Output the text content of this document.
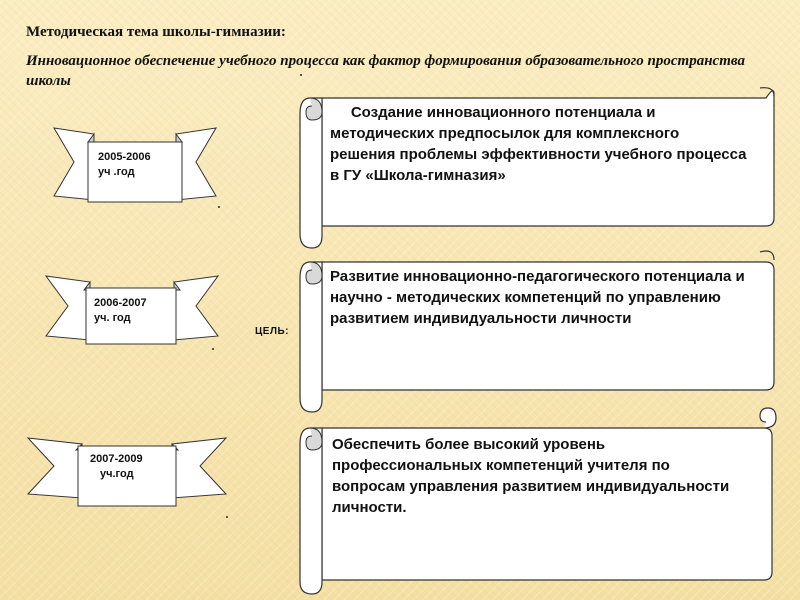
Методическая тема школы-гимназии:
Инновационное обеспечение учебного процесса как фактор формирования образовательного пространства школы
2005-2006
уч .год
2006-2007
уч. год
2007-2009
уч.год
ЦЕЛЬ:
Создание инновационного потенциала и методических предпосылок для комплексного    решения проблемы эффективности учебного процесса в ГУ «Школа-гимназия»
Развитие инновационно-педагогического потенциала и научно - методических компетенций по управлению развитием индивидуальности личности
Обеспечить более высокий уровень профессиональных компетенций учителя по вопросам управления развитием индивидуальности личности.
